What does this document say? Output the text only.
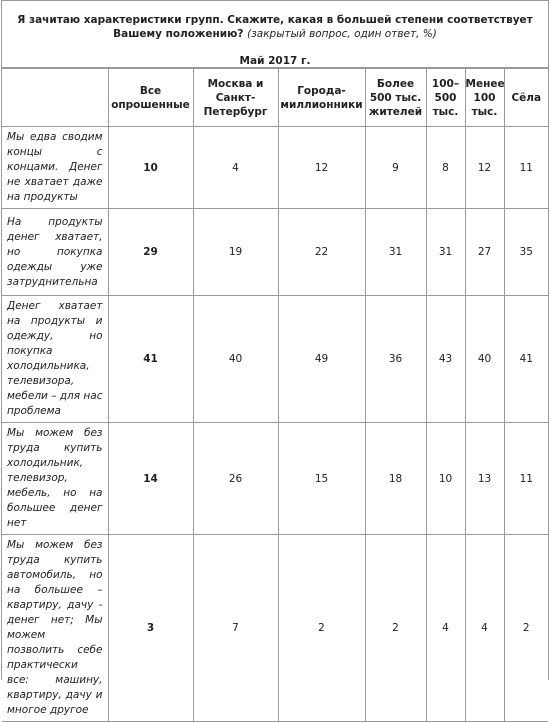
Я зачитаю характеристики групп. Скажите, какая в большей степени соответствует Вашему положению? (закрытый вопрос, один ответ, %)
Май 2017 г.
	Все опрошенные	Москва и Санкт-Петербург	Города-миллионники	Более 500 тыс. жителей	100–500 тыс.	Менее 100 тыс.	Сёла
Мы едва сводим концы с концами. Денег не хватает даже на продукты	10	4	12	9	8	12	11
На продукты денег хватает, но покупка одежды уже затруднительна	29	19	22	31	31	27	35
Денег хватает на продукты и одежду, но покупка холодильника, телевизора, мебели – для нас проблема	41	40	49	36	43	40	41
Мы можем без труда купить холодильник, телевизор, мебель, но на большее денег нет	14	26	15	18	10	13	11
Мы можем без труда купить автомобиль, но на большее – квартиру, дачу - денег нет; Мы можем позволить себе практически все: машину, квартиру, дачу и многое другое	3	7	2	2	4	4	2
